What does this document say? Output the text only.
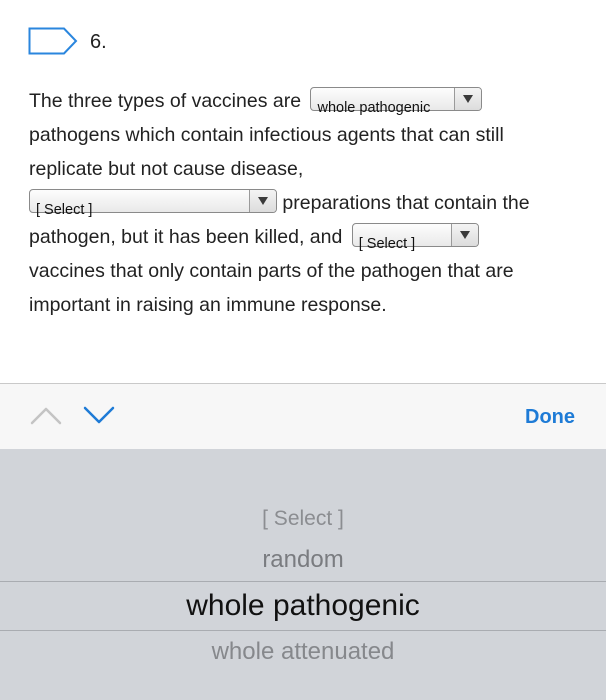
6.
The three types of vaccines are whole pathogenic
pathogens which contain infectious agents that can still
replicate but not cause disease,
[ Select ]	preparations that contain the
pathogen, but it has been killed, and [ Select ]
vaccines that only contain parts of the pathogen that are
important in raising an immune response.
Done
[ Select ]
random
whole pathogenic
whole attenuated
